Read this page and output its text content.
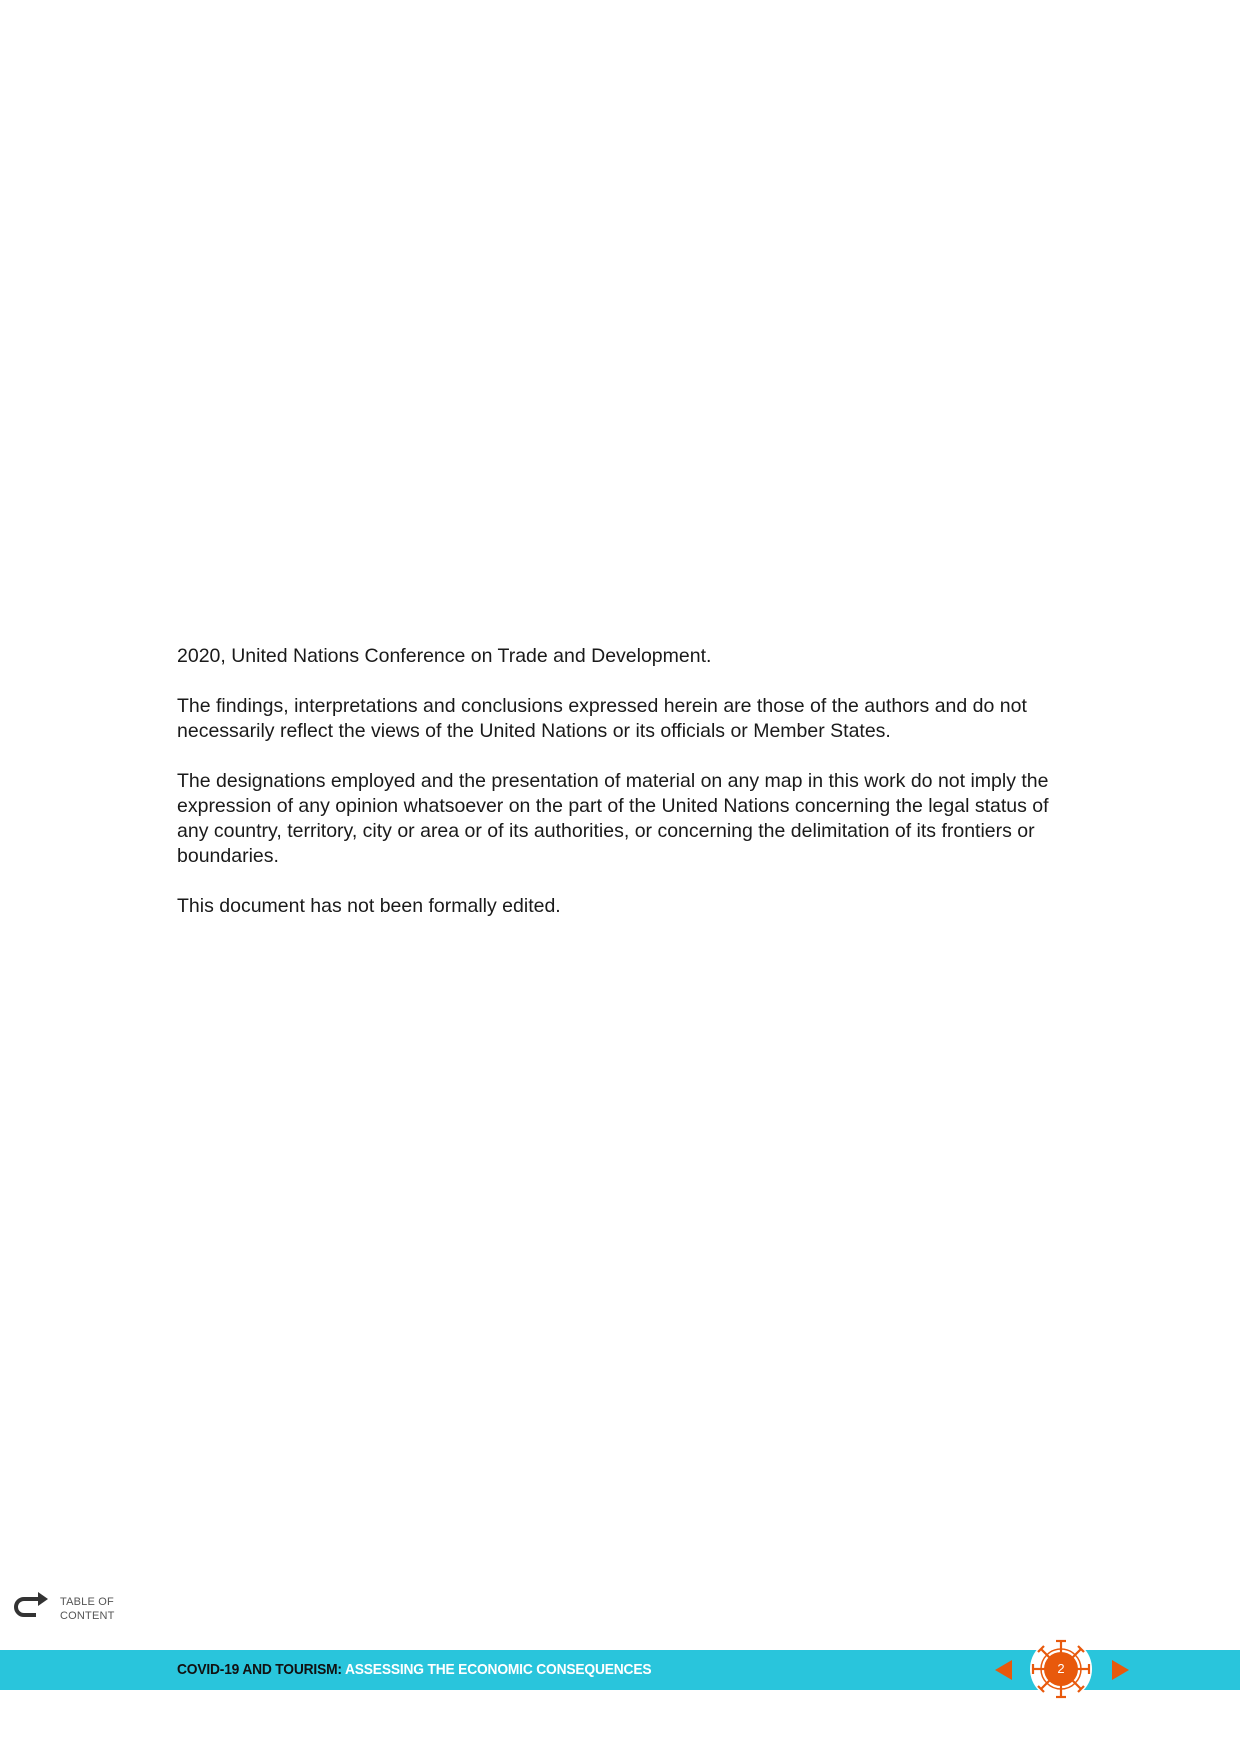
2020, United Nations Conference on Trade and Development.

The findings, interpretations and conclusions expressed herein are those of the authors and do not necessarily reflect the views of the United Nations or its officials or Member States.

The designations employed and the presentation of material on any map in this work do not imply the expression of any opinion whatsoever on the part of the United Nations concerning the legal status of any country, territory, city or area or of its authorities, or concerning the delimitation of its frontiers or boundaries.

This document has not been formally edited.

TABLE OF
CONTENT
COVID-19 AND TOURISM: ASSESSING THE ECONOMIC CONSEQUENCES	2
